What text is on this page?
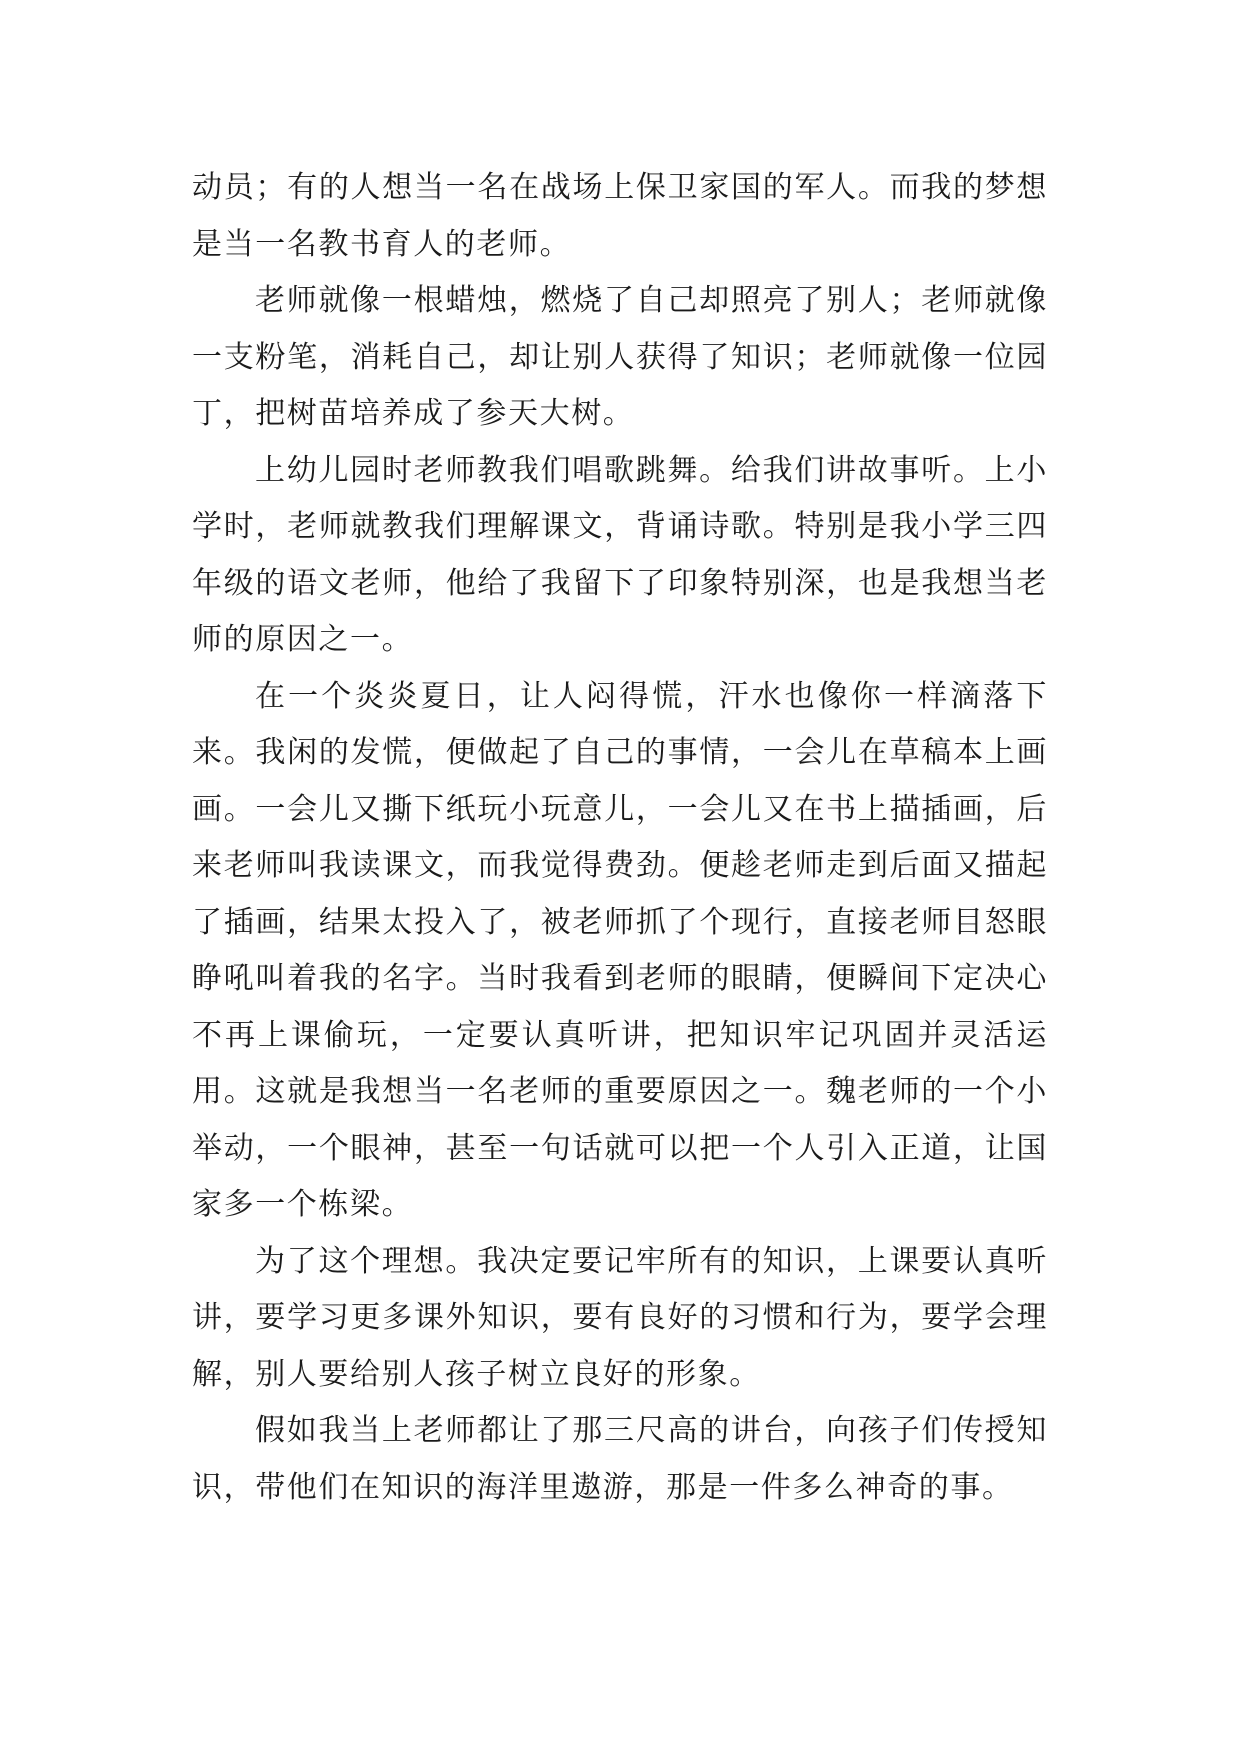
动员；有的人想当一名在战场上保卫家国的军人。而我的梦想是当一名教书育人的老师。

老师就像一根蜡烛，燃烧了自己却照亮了别人；老师就像一支粉笔，消耗自己，却让别人获得了知识；老师就像一位园丁，把树苗培养成了参天大树。

上幼儿园时老师教我们唱歌跳舞。给我们讲故事听。上小学时，老师就教我们理解课文，背诵诗歌。特别是我小学三四年级的语文老师，他给了我留下了印象特别深，也是我想当老师的原因之一。

在一个炎炎夏日，让人闷得慌，汗水也像你一样滴落下来。我闲的发慌，便做起了自己的事情，一会儿在草稿本上画画。一会儿又撕下纸玩小玩意儿，一会儿又在书上描插画，后来老师叫我读课文，而我觉得费劲。便趁老师走到后面又描起了插画，结果太投入了，被老师抓了个现行，直接老师目怒眼睁吼叫着我的名字。当时我看到老师的眼睛，便瞬间下定决心不再上课偷玩，一定要认真听讲，把知识牢记巩固并灵活运用。这就是我想当一名老师的重要原因之一。魏老师的一个小举动，一个眼神，甚至一句话就可以把一个人引入正道，让国家多一个栋梁。

为了这个理想。我决定要记牢所有的知识，上课要认真听讲，要学习更多课外知识，要有良好的习惯和行为，要学会理解，别人要给别人孩子树立良好的形象。

假如我当上老师都让了那三尺高的讲台，向孩子们传授知识，带他们在知识的海洋里遨游，那是一件多么神奇的事。
